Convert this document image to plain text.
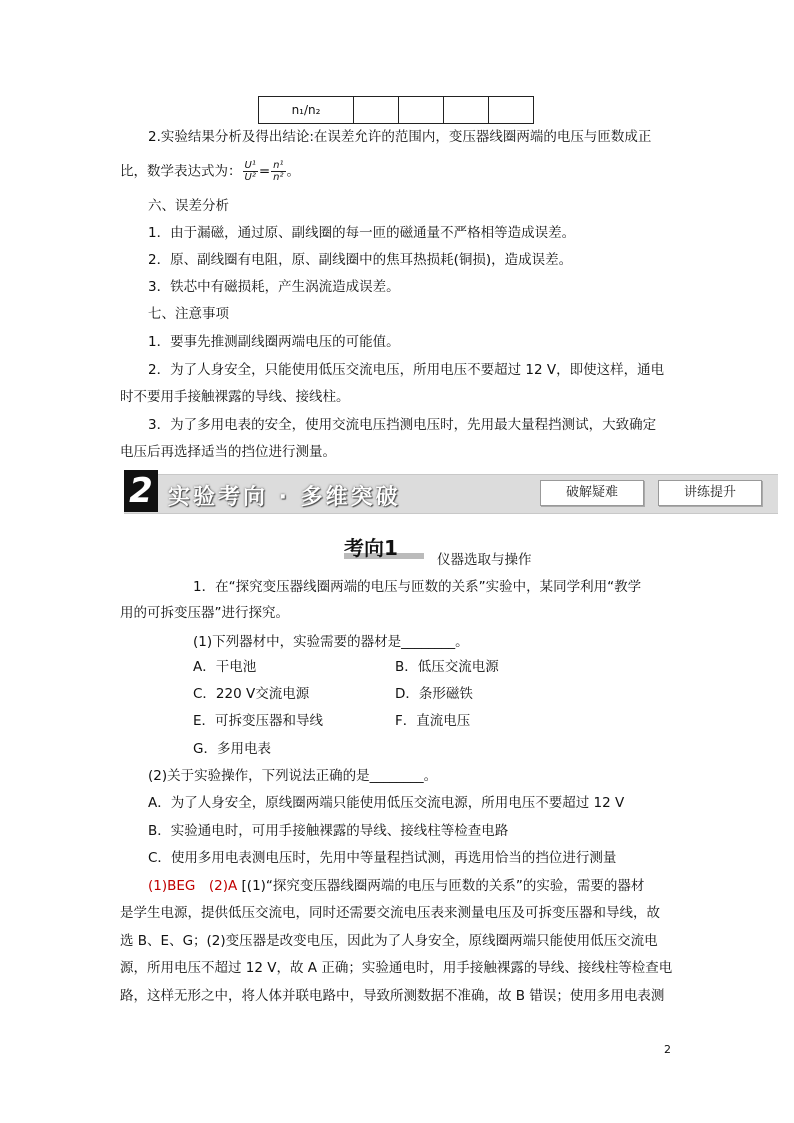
n₁/n₂				
2.实验结果分析及得出结论:在误差允许的范围内，变压器线圈两端的电压与匝数成正
比，数学表达式为： $\frac{\text{U¹}}{\text{U²}} = \frac{\text{n¹}}{\text{n²}}$ 。
六、误差分析
1．由于漏磁，通过原、副线圈的每一匝的磁通量不严格相等造成误差。
2．原、副线圈有电阻，原、副线圈中的焦耳热损耗(铜损)，造成误差。
3．铁芯中有磁损耗，产生涡流造成误差。
七、注意事项
1．要事先推测副线圈两端电压的可能值。
2．为了人身安全，只能使用低压交流电压，所用电压不要超过 12 V，即使这样，通电
时不要用手接触裸露的导线、接线柱。
3．为了多用电表的安全，使用交流电压挡测电压时，先用最大量程挡测试，大致确定
电压后再选择适当的挡位进行测量。
2 实验考向 · 多维突破	破解疑难	讲练提升
考向1	仪器选取与操作
1．在“探究变压器线圈两端的电压与匝数的关系”实验中，某同学利用“教学
用的可拆变压器”进行探究。
(1)下列器材中，实验需要的器材是________。
A．干电池	B．低压交流电源
C．220 V交流电源	D．条形磁铁
E．可拆变压器和导线	F．直流电压
G．多用电表
(2)关于实验操作，下列说法正确的是________。
A．为了人身安全，原线圈两端只能使用低压交流电源，所用电压不要超过 12 V
B．实验通电时，可用手接触裸露的导线、接线柱等检查电路
C．使用多用电表测电压时，先用中等量程挡试测，再选用恰当的挡位进行测量
(1)BEG　(2)A [(1)“探究变压器线圈两端的电压与匝数的关系”的实验，需要的器材
是学生电源，提供低压交流电，同时还需要交流电压表来测量电压及可拆变压器和导线，故
选 B、E、G；(2)变压器是改变电压，因此为了人身安全，原线圈两端只能使用低压交流电
源，所用电压不超过 12 V，故 A 正确；实验通电时，用手接触裸露的导线、接线柱等检查电
路，这样无形之中，将人体并联电路中，导致所测数据不准确，故 B 错误；使用多用电表测
2
